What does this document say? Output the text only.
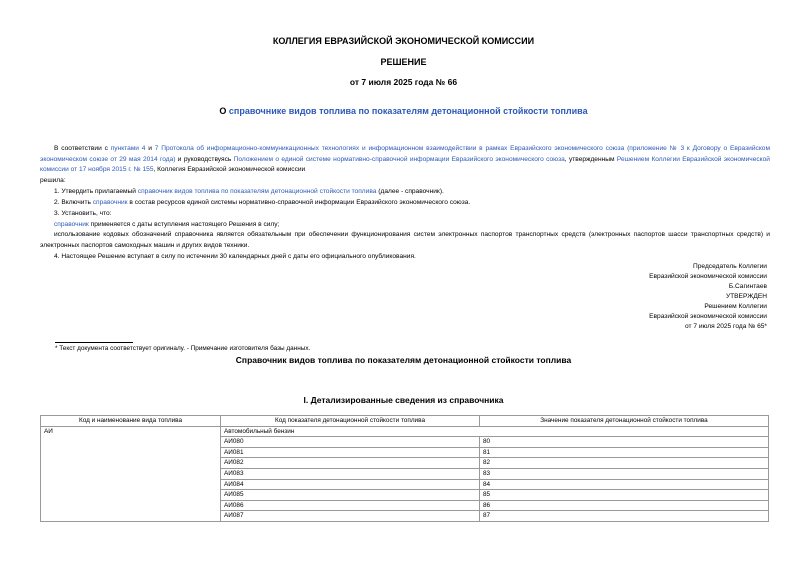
КОЛЛЕГИЯ ЕВРАЗИЙСКОЙ ЭКОНОМИЧЕСКОЙ КОМИССИИ
РЕШЕНИЕ
от 7 июля 2025 года № 66
О справочнике видов топлива по показателям детонационной стойкости топлива
В соответствии с пунктами 4 и 7 Протокола об информационно-коммуникационных технологиях и информационном взаимодействии в рамках Евразийского экономического союза (приложение № 3 к Договору о Евразийском экономическом союзе от 29 мая 2014 года) и руководствуясь Положением о единой системе нормативно-справочной информации Евразийского экономического союза, утвержденным Решением Коллегии Евразийской экономической комиссии от 17 ноября 2015 г. № 155, Коллегия Евразийской экономической комиссии
решила:
1. Утвердить прилагаемый справочник видов топлива по показателям детонационной стойкости топлива (далее - справочник).
2. Включить справочник в состав ресурсов единой системы нормативно-справочной информации Евразийского экономического союза.
3. Установить, что:
справочник применяется с даты вступления настоящего Решения в силу;
использование кодовых обозначений справочника является обязательным при обеспечении функционирования систем электронных паспортов транспортных средств (электронных паспортов шасси транспортных средств) и электронных паспортов самоходных машин и других видов техники.
4. Настоящее Решение вступает в силу по истечении 30 календарных дней с даты его официального опубликования.
Председатель Коллегии
Евразийской экономической комиссии
Б.Сагинтаев
УТВЕРЖДЕН
Решением Коллегии
Евразийской экономической комиссии
от 7 июля 2025 года № 65*
* Текст документа соответствует оригиналу. - Примечание изготовителя базы данных.
Справочник видов топлива по показателям детонационной стойкости топлива
I. Детализированные сведения из справочника
Код и наименование вида топлива	Код показателя детонационной стойкости топлива	Значение показателя детонационной стойкости топлива
АИ	Автомобильный бензин	
	АИ080	80
	АИ081	81
	АИ082	82
	АИ083	83
	АИ084	84
	АИ085	85
	АИ086	86
	АИ087	87
